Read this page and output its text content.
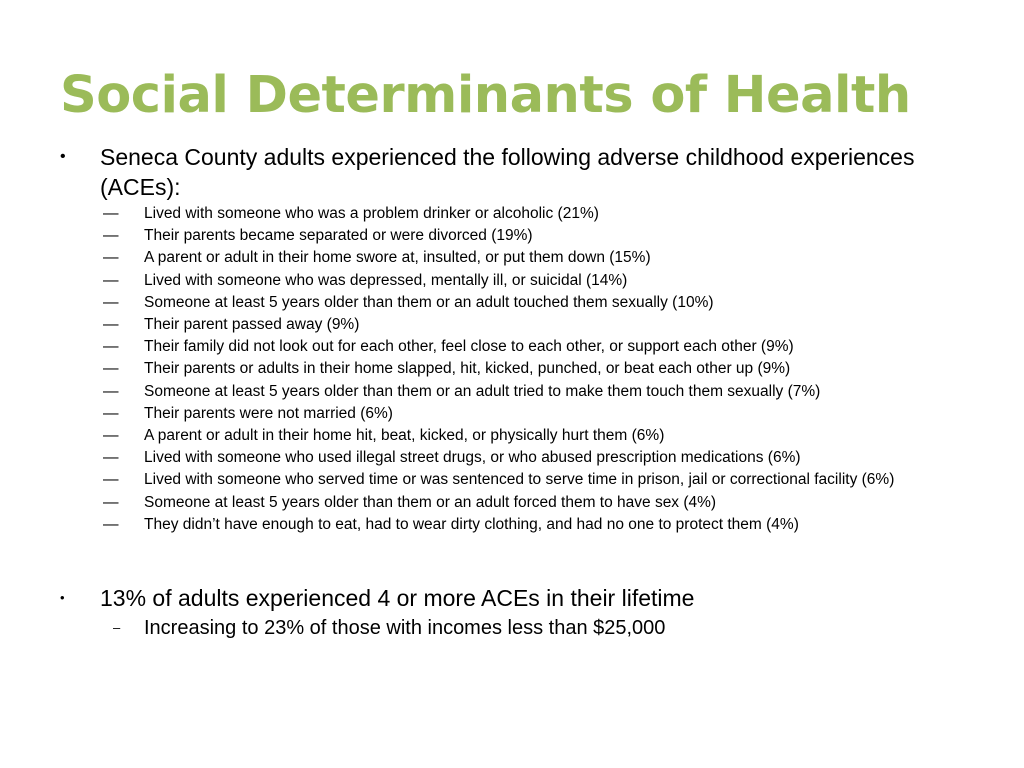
Social Determinants of Health
•	Seneca County adults experienced the following adverse childhood experiences (ACEs):
— Lived with someone who was a problem drinker or alcoholic (21%)
— Their parents became separated or were divorced (19%)
— A parent or adult in their home swore at, insulted, or put them down (15%)
— Lived with someone who was depressed, mentally ill, or suicidal (14%)
— Someone at least 5 years older than them or an adult touched them sexually (10%)
— Their parent passed away (9%)
— Their family did not look out for each other, feel close to each other, or support each other (9%)
— Their parents or adults in their home slapped, hit, kicked, punched, or beat each other up (9%)
— Someone at least 5 years older than them or an adult tried to make them touch them sexually (7%)
— Their parents were not married (6%)
— A parent or adult in their home hit, beat, kicked, or physically hurt them (6%)
— Lived with someone who used illegal street drugs, or who abused prescription medications (6%)
— Lived with someone who served time or was sentenced to serve time in prison, jail or correctional facility (6%)
— Someone at least 5 years older than them or an adult forced them to have sex (4%)
— They didn’t have enough to eat, had to wear dirty clothing, and had no one to protect them (4%)
•	13% of adults experienced 4 or more ACEs in their lifetime
– Increasing to 23% of those with incomes less than $25,000
